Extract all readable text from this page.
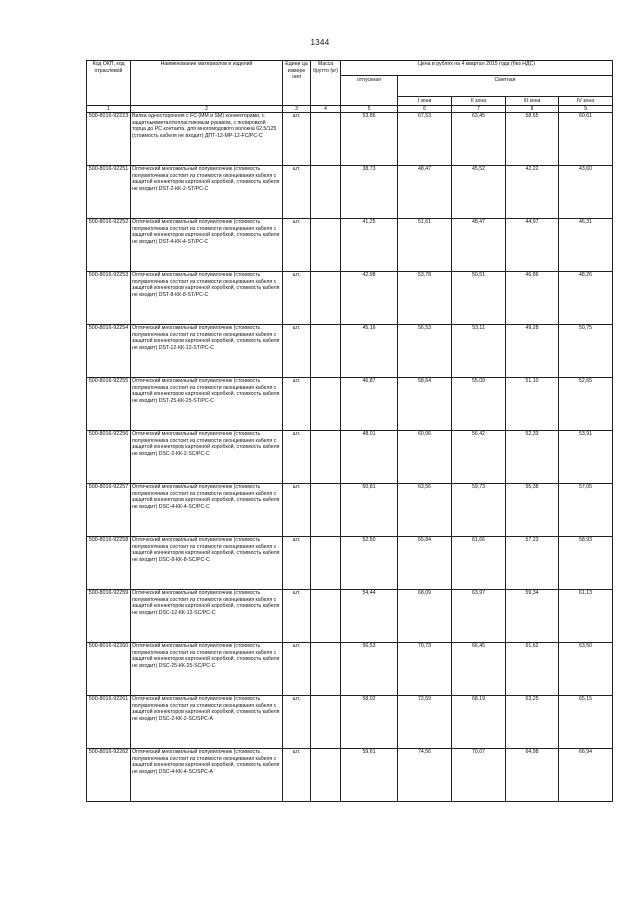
1344
Код ОКП, код отраслевой	Наименование материалов и изделий	Едини ца измере ния	Масса брутто (кг)	Цена в рублях на 4 квартал 2015 года (без НДС)				
				отпускная	Сметная			
					I зона	II зона	III зона	IV зона
1	2	3	4	5	6	7	8	9
500-8016-92223	Вилка односторонняя с FC (MM и SM) коннекторами, с защитнымметаллопластиковым рукавом, с полировкой торца до PC контакта, для многомодового волокна 62,5/125 (стоимость кабеля не входит) ДПТ-12-МР-12-FC/PC-C	шт.		53,86	67,53	63,45	58,65	60,61
500-8016-92251	Оптический многожильный полувилочник (стоимость полувилочника состоит из стоимости оконцевания кабеля с защитой коннекторов картонной коробкой, стоимость кабеля не входит) DST-2-КК-2-ST/PC-C	шт.		38,73	48,47	45,52	42,22	43,60
500-8016-92252	Оптический многожильный полувилочник (стоимость полувилочника состоит из стоимости оконцевания кабеля с защитой коннекторов картонной коробкой, стоимость кабеля не входит) DST-4-КК-4-ST/PC-C	шт.		41,25	51,61	48,47	44,97	46,31
500-8016-92253	Оптический многожильный полувилочник (стоимость полувилочника состоит из стоимости оконцевания кабеля с защитой коннекторов картонной коробкой, стоимость кабеля не входит) DST-8-КК-8-ST/PC-C	шт.		42,98	53,78	50,51	46,86	48,26
500-8016-92254	Оптический многожильный полувилочник (стоимость полувилочника состоит из стоимости оконцевания кабеля с защитой коннекторов картонной коробкой, стоимость кабеля не входит) DST-12-КК-12-ST/PC-C	шт.		45,16	56,53	53,11	49,28	50,75
500-8016-92255	Оптический многожильный полувилочник (стоимость полувилочника состоит из стоимости оконцевания кабеля с защитой коннекторов картонной коробкой, стоимость кабеля не входит) DST-25-КК-25-ST/PC-C	шт.		46,87	58,64	55,09	51,10	52,65
500-8016-92256	Оптический многожильный полувилочник (стоимость полувилочника состоит из стоимости оконцевания кабеля с защитой коннекторов картонной коробкой, стоимость кабеля не входит) DSC-2-КК-2-SC/PC-C	шт.		48,01	60,06	56,42	52,33	53,91
500-8016-92257	Оптический многожильный полувилочник (стоимость полувилочника состоит из стоимости оконцевания кабеля с защитой коннекторов картонной коробкой, стоимость кабеля не входит) DSC-4-КК-4-SC/PC-C	шт.		50,81	63,56	59,73	55,38	57,05
500-8016-92258	Оптический многожильный полувилочник (стоимость полувилочника состоит из стоимости оконцевания кабеля с защитой коннекторов картонной коробкой, стоимость кабеля не входит) DSC-8-КК-8-SC/PC-C	шт.		52,50	65,84	61,66	57,23	58,93
500-8016-92259	Оптический многожильный полувилочник (стоимость полувилочника состоит из стоимости оконцевания кабеля с защитой коннекторов картонной коробкой, стоимость кабеля не входит) DSC-12-КК-12-SC/PC-C	шт.		54,44	68,09	63,97	59,34	61,13
500-8016-92260	Оптический многожильный полувилочник (стоимость полувилочника состоит из стоимости оконцевания кабеля с защитой коннекторов картонной коробкой, стоимость кабеля не входит) DSC-25-КК-25-SC/PC-C	шт.		56,53	70,73	66,45	61,62	63,50
500-8016-92261	Оптический многожильный полувилочник (стоимость полувилочника состоит из стоимости оконцевания кабеля с защитой коннекторов картонной коробкой, стоимость кабеля не входит) DSC-2-КК-2-SC/SPC-A	шт.		58,02	72,59	68,19	63,25	65,15
500-8016-92262	Оптический многожильный полувилочник (стоимость полувилочника состоит из стоимости оконцевания кабеля с защитой коннекторов картонной коробкой, стоимость кабеля не входит) DSC-4-КК-4-SC/SPC-A	шт.		59,61	74,56	70,07	64,98	66,94
